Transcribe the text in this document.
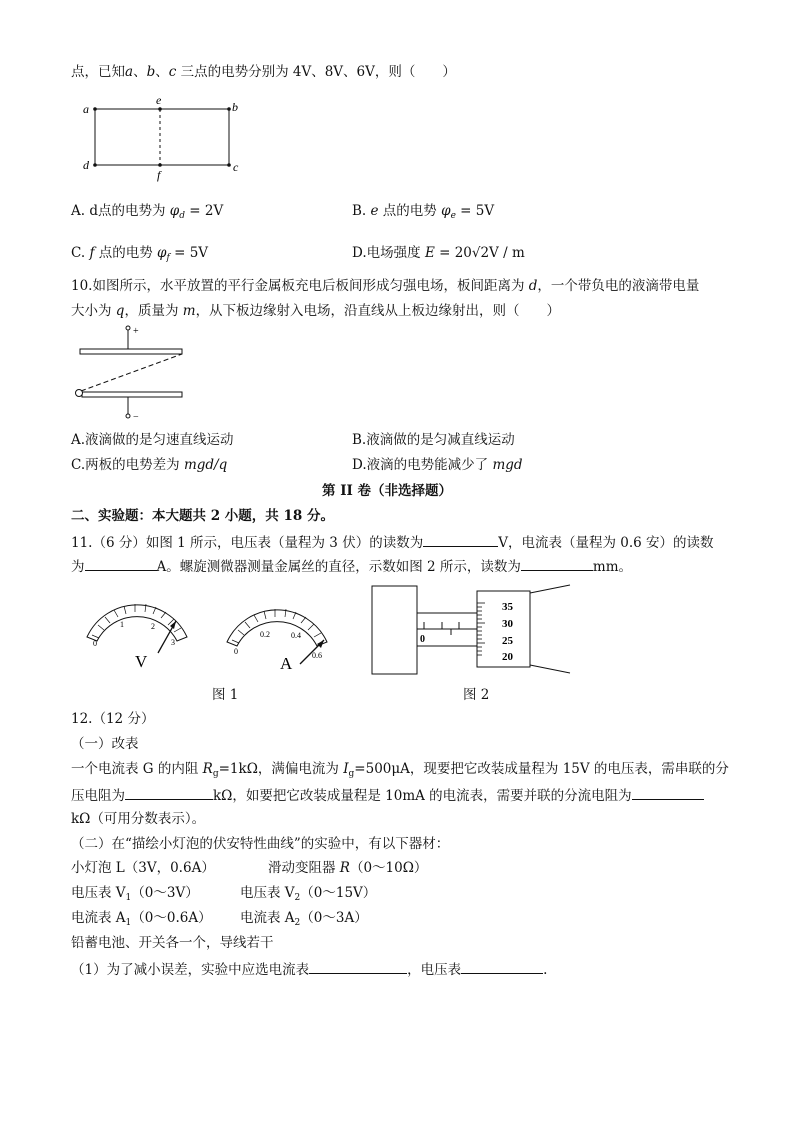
点，已知a、b、c 三点的电势分别为 4V、8V、6V，则（　　）
a
e	b
d
f
c
A. d点的电势为 $\varphi_d = 2V$	B. e 点的电势 $\varphi_e = 5V$
C. f 点的电势 $\varphi_f = 5V$	D.电场强度 E = 20√2V / m
10.如图所示，水平放置的平行金属板充电后板间形成匀强电场，板间距离为 d，一个带负电的液滴带电量
大小为 q，质量为 m，从下板边缘射入电场，沿直线从上板边缘射出，则（　　）
+
−
A.液滴做的是匀速直线运动	B.液滴做的是匀减直线运动
C.两板的电势差为 mgd/q	D.液滴的电势能减少了 mgd
第 II 卷（非选择题）
二、实验题：本大题共 2 小题，共 18 分。
11.（6 分）如图 1 所示，电压表（量程为 3 伏）的读数为	V，电流表（量程为 0.6 安）的读数
为	A。螺旋测微器测量金属丝的直径，示数如图 2 所示，读数为	mm。
0
1	2
3
V
0
0.2	0.4
0.6
A
0
35
30
25
20
图 1	图 2
12.（12 分）
（一）改表
一个电流表 G 的内阻 $R_g=1k\Omega$，满偏电流为 $I_g=500\mu A$，现要把它改装成量程为 15V 的电压表，需串联的分
压电阻为	kΩ，如要把它改装成量程是 10mA 的电流表，需要并联的分流电阻为
kΩ（可用分数表示）。
（二）在“描绘小灯泡的伏安特性曲线”的实验中，有以下器材：
小灯泡 L（3V，0.6A）	滑动变阻器 R（0～10Ω）
电压表 $V_1(0\sim 3V)$	电压表 $V_2(0\sim 15V)$
电流表 $A_1(0\sim 0.6A)$ 电流表 $A_2(0\sim 3A)$
铅蓄电池、开关各一个，导线若干
（1）为了减小误差，实验中应选电流表	，电压表	.
